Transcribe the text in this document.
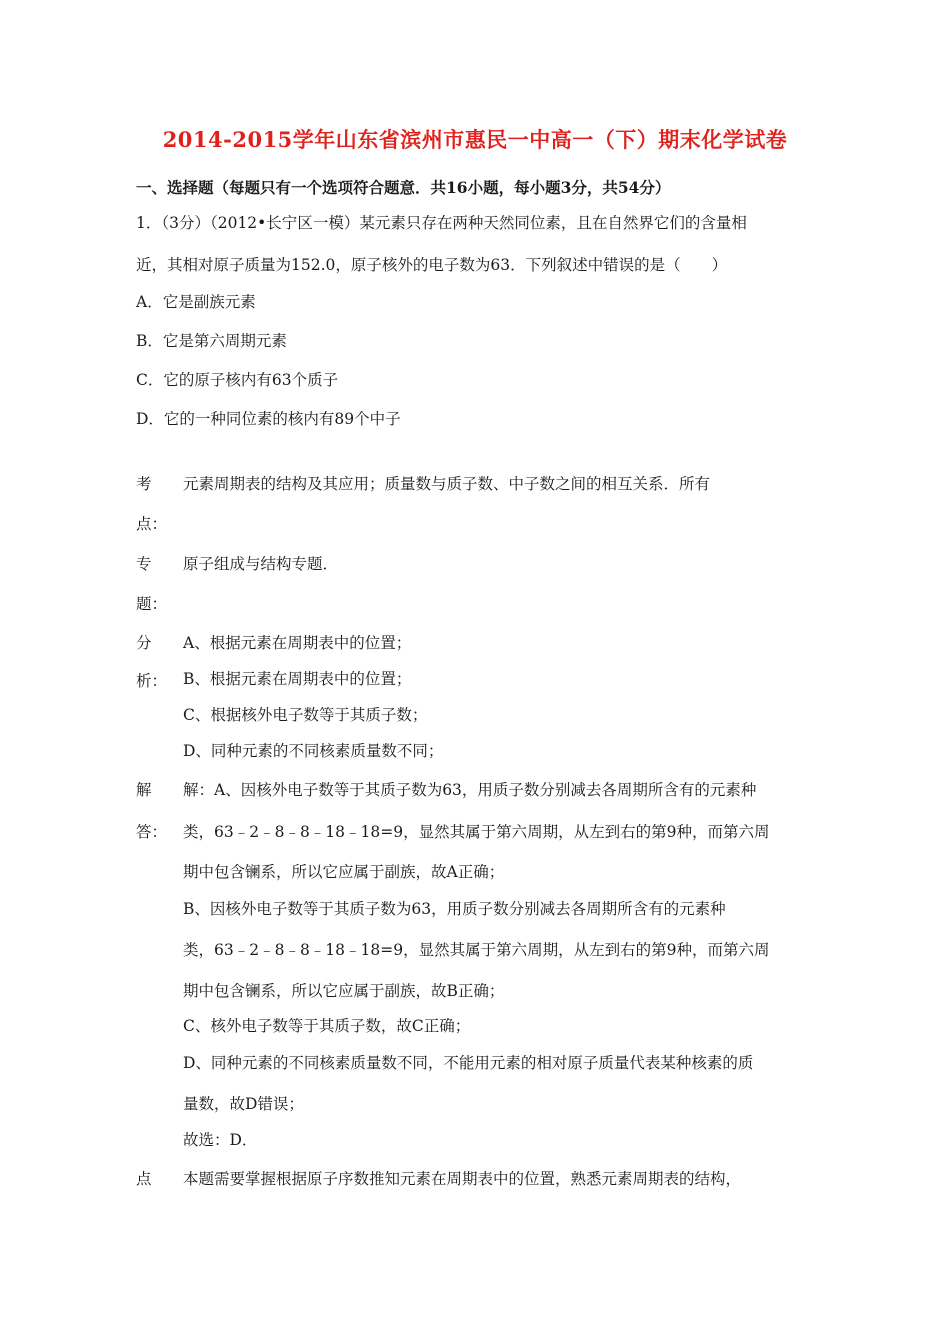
2014-2015学年山东省滨州市惠民一中高一（下）期末化学试卷
一、选择题（每题只有一个选项符合题意．共16小题，每小题3分，共54分）
1．（3分）（2012•长宁区一模）某元素只存在两种天然同位素，且在自然界它们的含量相
近，其相对原子质量为152.0，原子核外的电子数为63．下列叙述中错误的是（　　）
A．它是副族元素
B．它是第六周期元素
C．它的原子核内有63个质子
D．它的一种同位素的核内有89个中子
考 元素周期表的结构及其应用；质量数与质子数、中子数之间的相互关系．所有
点：
专 原子组成与结构专题．
题：
分 A、根据元素在周期表中的位置；
析： B、根据元素在周期表中的位置；
C、根据核外电子数等于其质子数；
D、同种元素的不同核素质量数不同；
解 解：A、因核外电子数等于其质子数为63，用质子数分别减去各周期所含有的元素种
答： 类，63﹣2﹣8﹣8﹣18﹣18=9，显然其属于第六周期，从左到右的第9种，而第六周
期中包含镧系，所以它应属于副族，故A正确；
B、因核外电子数等于其质子数为63，用质子数分别减去各周期所含有的元素种
类，63﹣2﹣8﹣8﹣18﹣18=9，显然其属于第六周期，从左到右的第9种，而第六周
期中包含镧系，所以它应属于副族，故B正确；
C、核外电子数等于其质子数，故C正确；
D、同种元素的不同核素质量数不同，不能用元素的相对原子质量代表某种核素的质
量数，故D错误；
故选：D．
点 本题需要掌握根据原子序数推知元素在周期表中的位置，熟悉元素周期表的结构，
